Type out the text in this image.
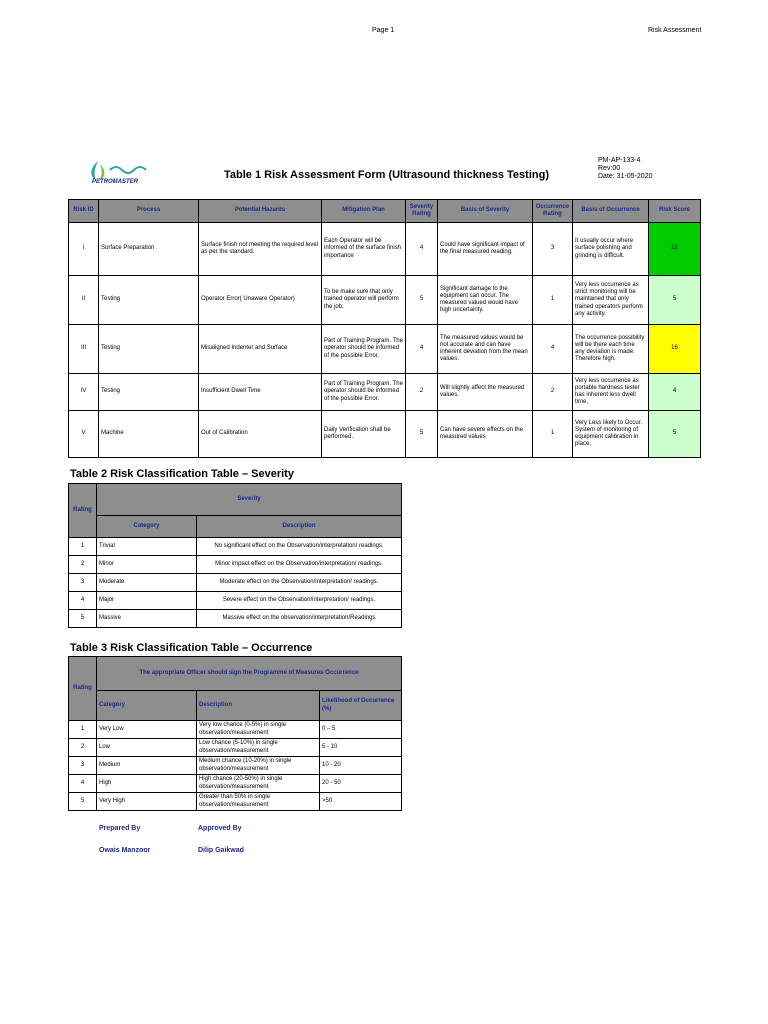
Page 1	Risk Assessment
PETROMASTER
Table 1 Risk Assessment Form (Ultrasound thickness Testing)
PM-AP-133-4
Rev:00
Date: 31-05-2020
Risk ID	Process	Potential Hazards	Mitigation Plan	Severity Rating	Basis of Severity	Occurrence Rating	Basis of Occurrence	Risk Score
I	Surface Preparation	Surface finish not meeting the required level as per the standard.	Each Operator will be informed of the surface finish importance	4	Could have significant impact of the final measured reading.	3	It usually occur where surface polishing and grinding is difficult.	12
II	Testing	Operator Error( Unaware Operator)	To be make sure that only trained operator will perform the job.	5	Significant damage to the equipment can occur. The measured valued would have high uncertainty.	1	Very less occurrence as strict monitoring will be maintained that only trained operators perform any activity.	5
III	Testing	Misaligned Indenter and Surface	Part of Training Program. The operator should be informed of the possible Error.	4	The measured values would be not accurate and can have inherent deviation from the mean values.	4	The occurrence possibility will be there each time any deviation is made. Therefore high.	16
IV	Testing	Insufficient Dwell Time	Part of Training Program. The operator should be informed of the possible Error.	2	Will slightly affect the measured values.	2	Very less occurrence as portable hardness tester has inherent less dwell time.	4
V	Machine	Out of Calibration	Daily Verification shall be performed.	5	Can have severe effects on the measured values	1	Very Less likely to Occur. System of monitoring of equipment calibration in place.	5
Table 2 Risk Classification Table – Severity
Rating	Severity	
	Category	Description
1	Trivial	No significant effect on the Observation/interpretation/ readings.
2	Minor	Minor impact effect on the Observation/interpretation/ readings.
3	Moderate	Moderate effect on the Observation/interpretation/ readings.
4	Major	Severe effect on the Observation/interpretation/ readings.
5	Massive	Massive effect on the observation/interpretation/Readings
Table 3 Risk Classification Table – Occurrence
Rating	The appropriate Officer should sign the Programme of Measures Occurrence		
	Category	Description	Likelihood of Occurrence (%)
1	Very Low	Very low chance (0-5%) in single observation/measurement	0 – 5
2	Low	Low chance (5-10%) in single observation/measurement	5 - 10
3	Medium	Medium chance (10-20%) in single observation/measurement	10 - 20
4	High	High chance (20-50%) in single observation/measurement	20 - 50
5	Very High	Greater than 50% in single observation/measurement	>50
Prepared By	Approved By
Owais Manzoor	Dilip Gaikwad
